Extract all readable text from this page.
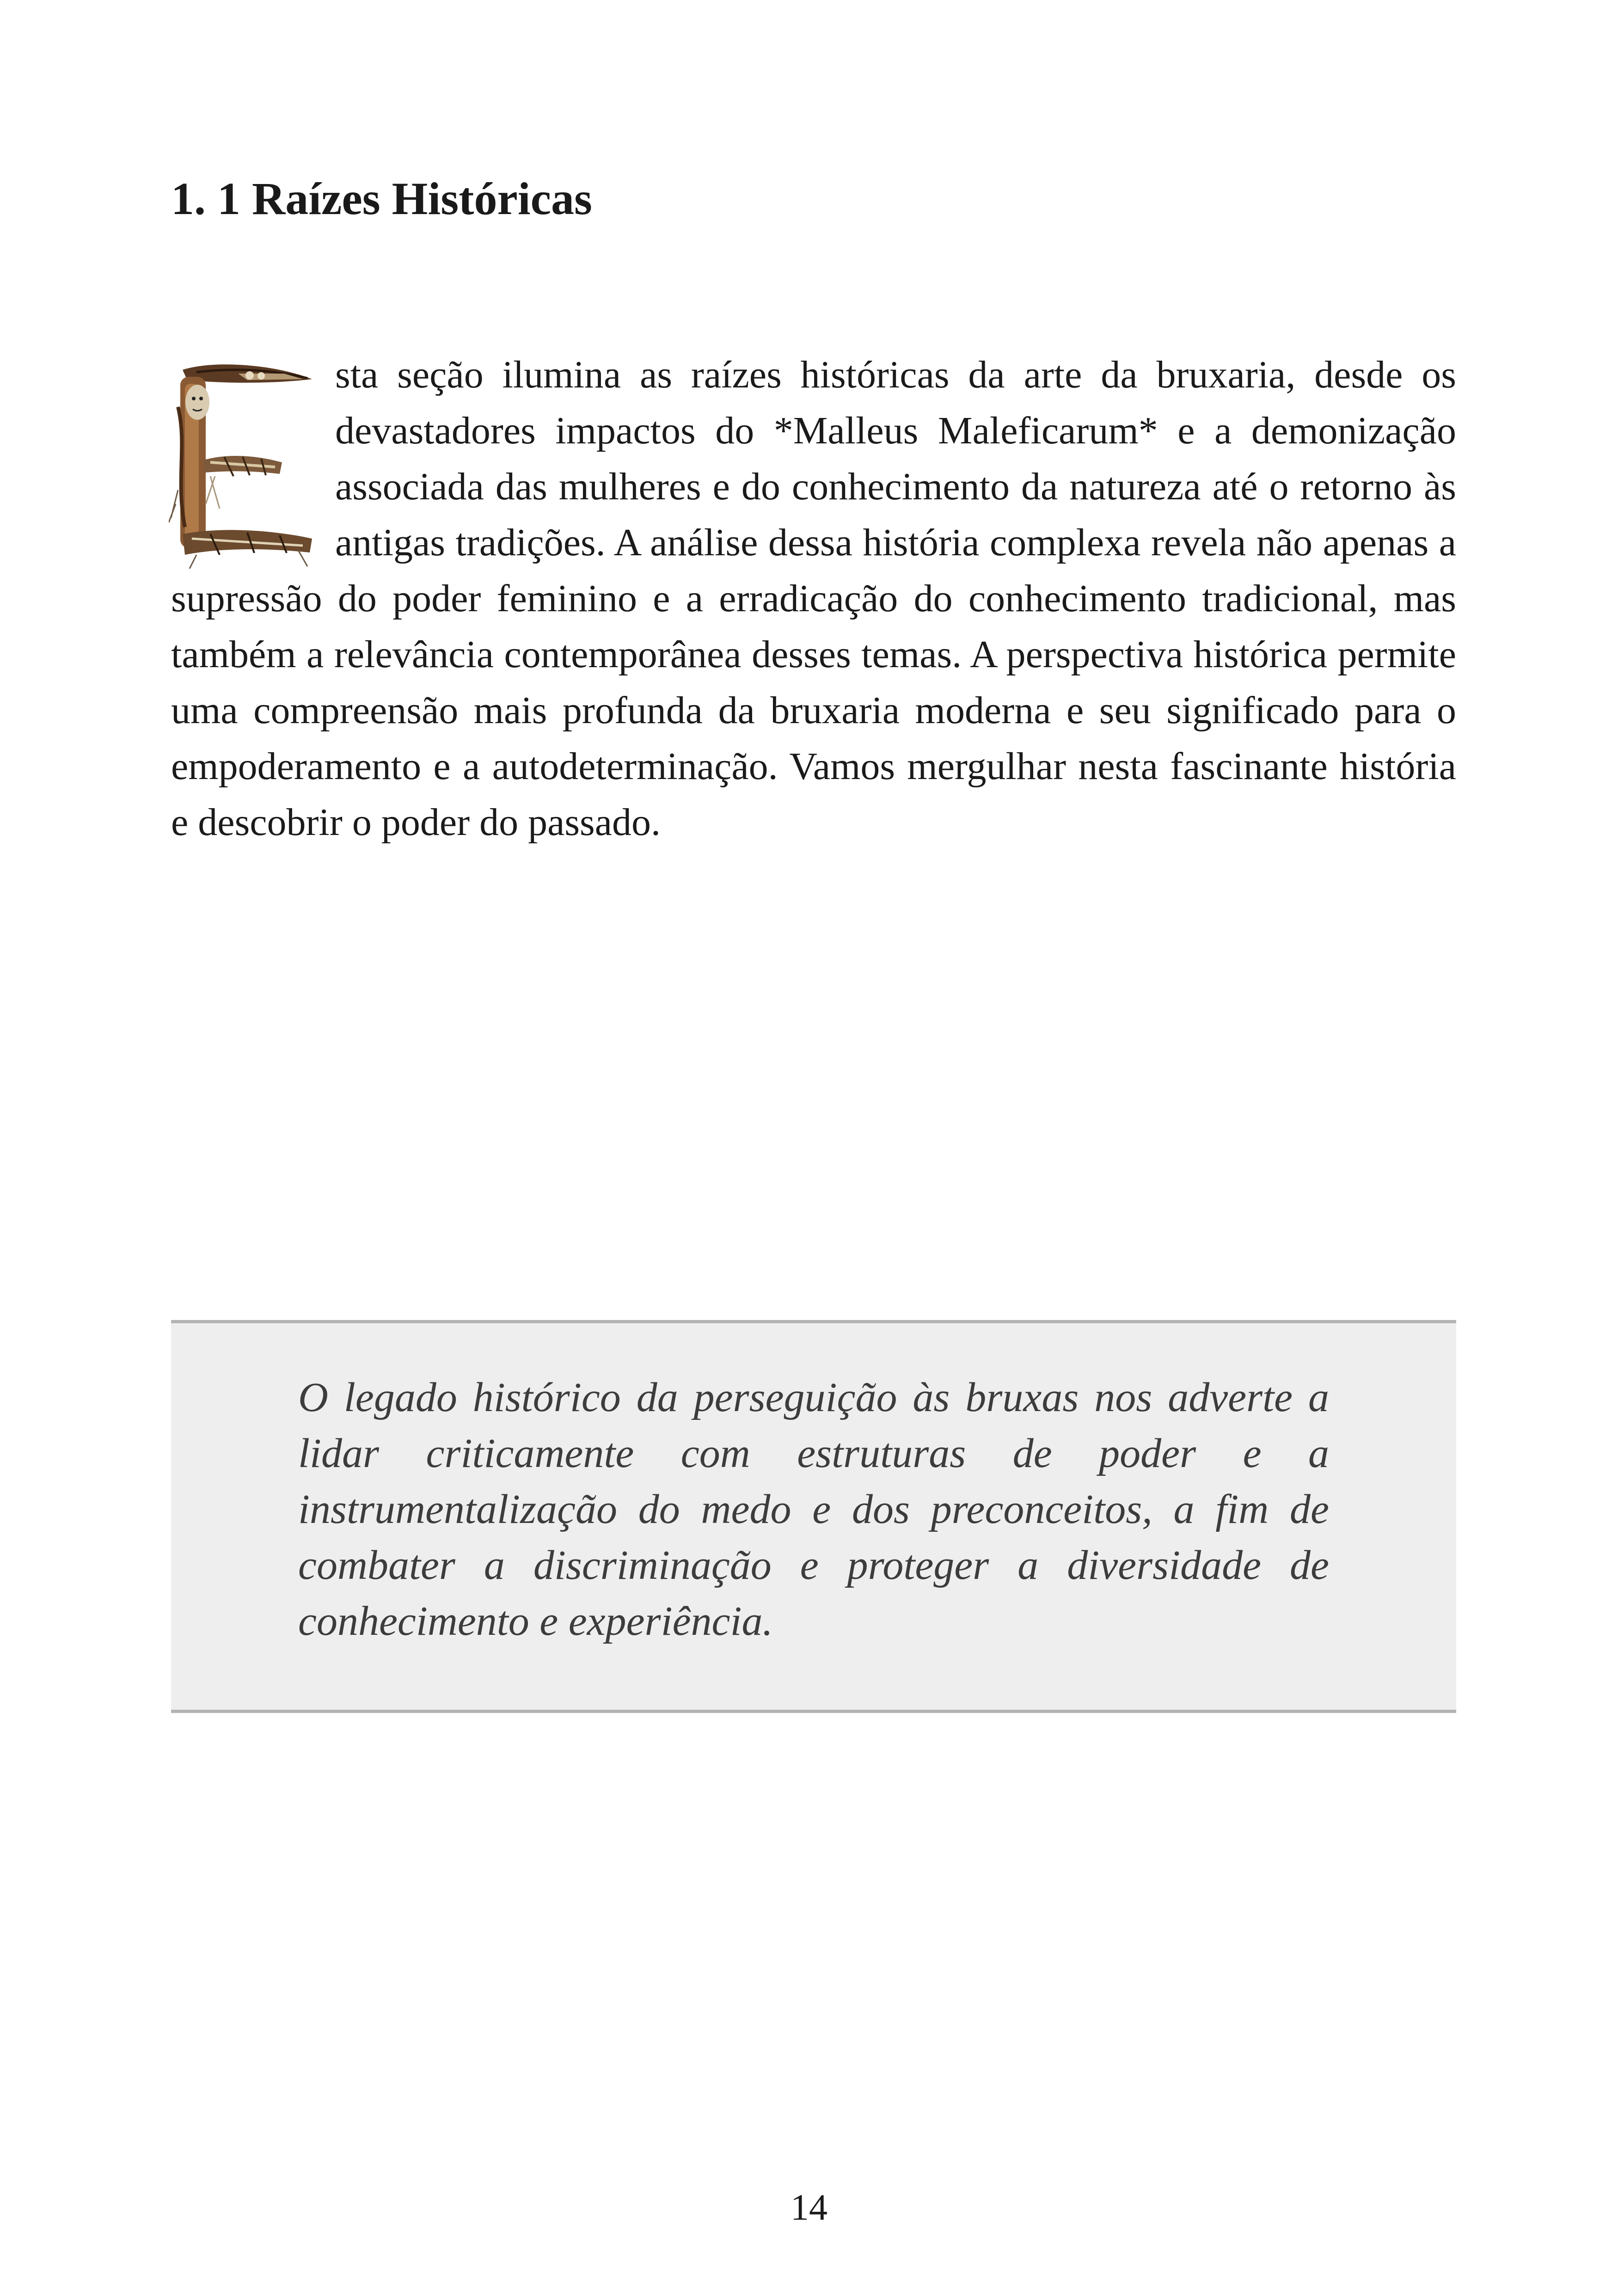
1. 1 Raízes Históricas
sta seção ilumina as raízes históricas da arte da bruxaria, desde os devastadores impactos do *Malleus Maleficarum* e a demonização associada das mulheres e do conhecimento da natureza até o retorno às antigas tradições. A análise dessa história complexa revela não apenas a supressão do poder feminino e a erradicação do conhecimento tradicional, mas também a relevância contemporânea desses temas. A perspectiva histórica permite uma compreensão mais profunda da bruxaria moderna e seu significado para o empoderamento e a autodeterminação. Vamos mergulhar nesta fascinante história e descobrir o poder do passado.

O legado histórico da perseguição às bruxas nos adverte a lidar criticamente com estruturas de poder e a instrumentalização do medo e dos preconceitos, a fim de combater a discriminação e proteger a diversidade de conhecimento e experiência.

14
